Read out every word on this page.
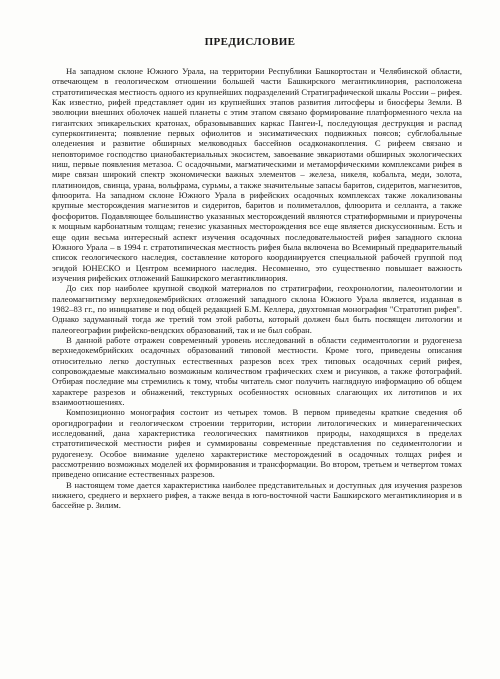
ПРЕДИСЛОВИЕ

На западном склоне Южного Урала, на территории Республики Башкортостан и Челябинской области, отвечающем в геологическом отношении большей части Башкирского мегантиклинория, расположена стратотипическая местность одного из крупнейших подразделений Стратиграфической шкалы России – рифея. Как известно, рифей представляет один из крупнейших этапов развития литосферы и биосферы Земли. В эволюции внешних оболочек нашей планеты с этим этапом связано формирование платформенного чехла на гигантских эпикарельских кратонах, образовывавших каркас Пангеи-I, последующая деструкция и распад суперконтинента; появление первых офиолитов и энсиматических подвижных поясов; субглобальные оледенения и развитие обширных мелководных бассейнов осадконакопления. С рифеем связано и неповторимое господство цианобактериальных экосистем, завоевание эвкариотами обширных экологических ниш, первые появления метазоа. С осадочными, магматическими и метаморфическими комплексами рифея в мире связан широкий спектр экономически важных элементов – железа, никеля, кобальта, меди, золота, платиноидов, свинца, урана, вольфрама, сурьмы, а также значительные запасы баритов, сидеритов, магнезитов, флюорита. На западном склоне Южного Урала в рифейских осадочных комплексах также локализованы крупные месторождения магнезитов и сидеритов, баритов и полиметаллов, флюорита и селланта, а также фосфоритов. Подавляющее большинство указанных месторождений являются стратиформными и приурочены к мощным карбонатным толщам; генезис указанных месторождения все еще является дискуссионным. Есть и еще один весьма интересный аспект изучения осадочных последовательностей рифея западного склона Южного Урала – в 1994 г. стратотипическая местность рифея была включена во Всемирный предварительный список геологического наследия, составление которого координируется специальной рабочей группой под эгидой ЮНЕСКО и Центром всемирного наследия. Несомненно, это существенно повышает важность изучения рифейских отложений Башкирского мегантиклинория.

До сих пор наиболее крупной сводкой материалов по стратиграфии, геохронологии, палеонтологии и палеомагнитизму верхнедокембрийских отложений западного склона Южного Урала является, изданная в 1982–83 гг., по инициативе и под общей редакцией Б.М. Келлера, двухтомная монография "Стратотип рифея". Однако задуманный тогда же третий том этой работы, который должен был быть посвящен литологии и палеогеографии рифейско-вендских образований, так и не был собран.

В данной работе отражен современный уровень исследований в области седиментологии и рудогенеза верхнедокембрийских осадочных образований типовой местности. Кроме того, приведены описания относительно легко доступных естественных разрезов всех трех типовых осадочных серий рифея, сопровождаемые максимально возможным количеством графических схем и рисунков, а также фотографий. Отбирая последние мы стремились к тому, чтобы читатель смог получить наглядную информацию об общем характере разрезов и обнажений, текстурных особенностях основных слагающих их литотипов и их взаимоотношениях.

Композиционно монография состоит из четырех томов. В первом приведены краткие сведения об орогидрографии и геологическом строении территории, истории литологических и минерагенических исследований, дана характеристика геологических памятников природы, находящихся в пределах стратотипической местности рифея и суммированы современные представления по седиментологии и рудогенезу. Особое внимание уделено характеристике месторождений в осадочных толщах рифея и рассмотрению возможных моделей их формирования и трансформации. Во втором, третьем и четвертом томах приведено описание естественных разрезов.

В настоящем томе дается характеристика наиболее представительных и доступных для изучения разрезов нижнего, среднего и верхнего рифея, а также венда в юго-восточной части Башкирского мегантиклинория и в бассейне р. Зилим.
